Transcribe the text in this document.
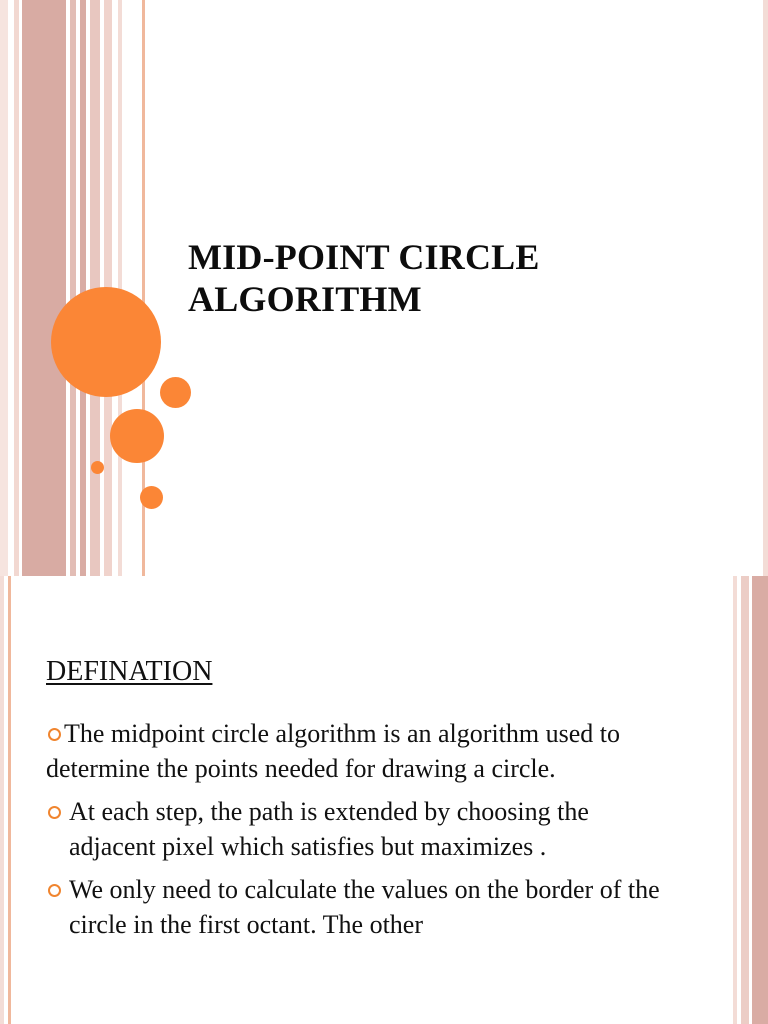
MID-POINT CIRCLE
ALGORITHM
DEFINATION
The midpoint circle algorithm is an algorithm used to determine the points needed for drawing a circle.
At each step, the path is extended by choosing the adjacent pixel which satisfies but maximizes .
We only need to calculate the values on the border of the circle in the first octant. The other
